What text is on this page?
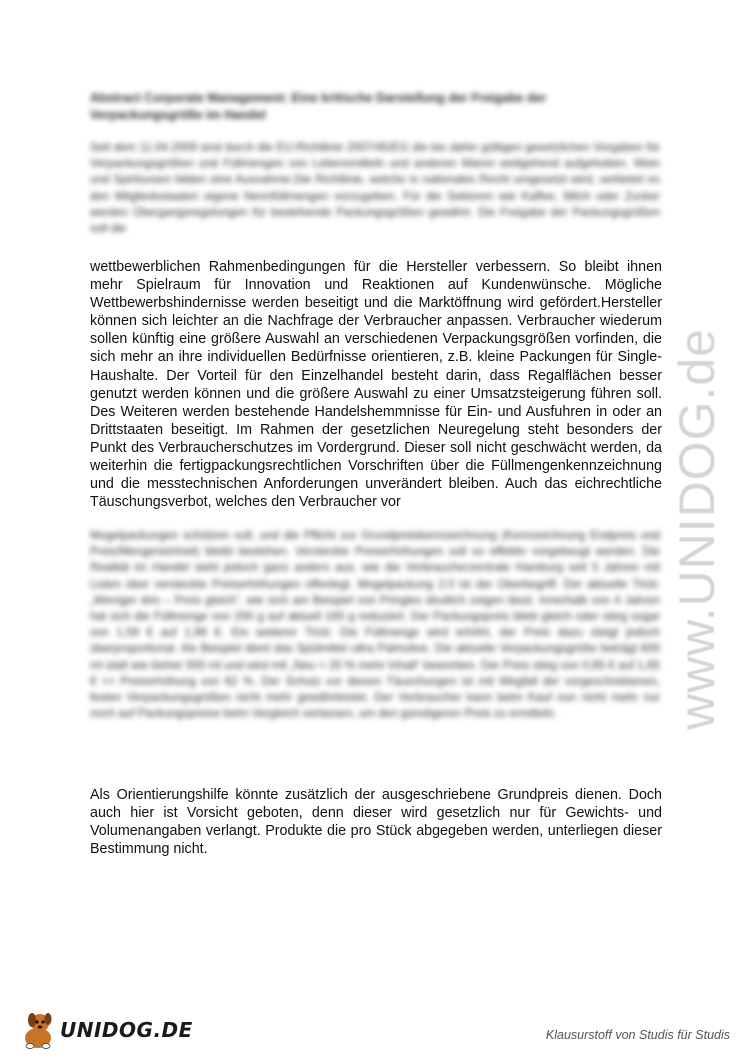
Abstract Corporate Management: Eine kritische Darstellung der Freigabe der Verpackungsgröße im Handel
Seit dem 11.04.2009 sind durch die EU-Richtlinie 2007/45/EG die bis dahin gültigen gesetzlichen Vorgaben für Verpackungsgrößen und Füllmengen von Lebensmitteln und anderen Waren weitgehend aufgehoben. Wein und Spirituosen bilden eine Ausnahme.Die Richtlinie, welche in nationales Recht umgesetzt wird, verbietet es den Mitgliedsstaaten eigene Nennfüllmengen vorzugeben. Für die Sektoren wie Kaffee, Milch oder Zucker werden Übergangsregelungen für bestehende Packungsgrößen gewährt. Die Freigabe der Packungsgrößen soll die
wettbewerblichen Rahmenbedingungen für die Hersteller verbessern. So bleibt ihnen mehr Spielraum für Innovation und Reaktionen auf Kundenwünsche. Mögliche Wettbewerbshindernisse werden beseitigt und die Marktöffnung wird gefördert.Hersteller können sich leichter an die Nachfrage der Verbraucher anpassen. Verbraucher wiederum sollen künftig eine größere Auswahl an verschiedenen Verpackungsgrößen vorfinden, die sich mehr an ihre individuellen Bedürfnisse orientieren, z.B. kleine Packungen für Single-Haushalte. Der Vorteil für den Einzelhandel besteht darin, dass Regalflächen besser genutzt werden können und die größere Auswahl zu einer Umsatzsteigerung führen soll. Des Weiteren werden bestehende Handelshemmnisse für Ein- und Ausfuhren in oder an Drittstaaten beseitigt. Im Rahmen der gesetzlichen Neuregelung steht besonders der Punkt des Verbraucherschutzes im Vordergrund. Dieser soll nicht geschwächt werden, da weiterhin die fertigpackungsrechtlichen Vorschriften über die Füllmengenkennzeichnung und die messtechnischen Anforderungen unverändert bleiben. Auch das eichrechtliche Täuschungsverbot, welches den Verbraucher vor
Mogelpackungen schützen soll, und die Pflicht zur Grundpreiskennzeichnung (Kennzeichnung Endpreis und Preis/Mengeneinheit) bleibt bestehen. Versteckte Preiserhöhungen soll so effektiv vorgebeugt werden. Die Realität im Handel sieht jedoch ganz anders aus, wie die Verbraucherzentrale Hamburg seit 5 Jahren mit Listen über versteckte Preiserhöhungen offenlegt. Mogelpackung 2.0 ist der Oberbegriff. Der aktuelle Trick: „Weniger drin – Preis gleich“, wie sich am Beispiel von Pringles deutlich zeigen lässt. Innerhalb von 4 Jahren hat sich die Füllmenge von 200 g auf aktuell 165 g reduziert. Der Packungspreis blieb gleich oder stieg sogar von 1,59 € auf 1,99 €. Ein weiterer Trick: Die Füllmenge wird erhöht, der Preis dazu steigt jedoch überproportional. Als Beispiel dient das Spülmittel ultra Palmolive. Die aktuelle Verpackungsgröße beträgt 600 ml statt wie bisher 500 ml und wird mit „Neu = 20 % mehr Inhalt“ beworben. Der Preis stieg von 0,85 € auf 1,65 € => Preiserhöhung von 62 %. Der Schutz vor diesen Täuschungen ist mit Wegfall der vorgeschriebenen, festen Verpackungsgrößen nicht mehr gewährleistet. Der Verbraucher kann beim Kauf nun nicht mehr nur noch auf Packungspreise beim Vergleich verlassen, um den günstigeren Preis zu ermitteln.
Als Orientierungshilfe könnte zusätzlich der ausgeschriebene Grundpreis dienen. Doch auch hier ist Vorsicht geboten, denn dieser wird gesetzlich nur für Gewichts- und Volumenangaben verlangt. Produkte die pro Stück abgegeben werden, unterliegen dieser Bestimmung nicht.
www.UNIDOG.de
UNIDOG.DE	Klausurstoff von Studis für Studis
